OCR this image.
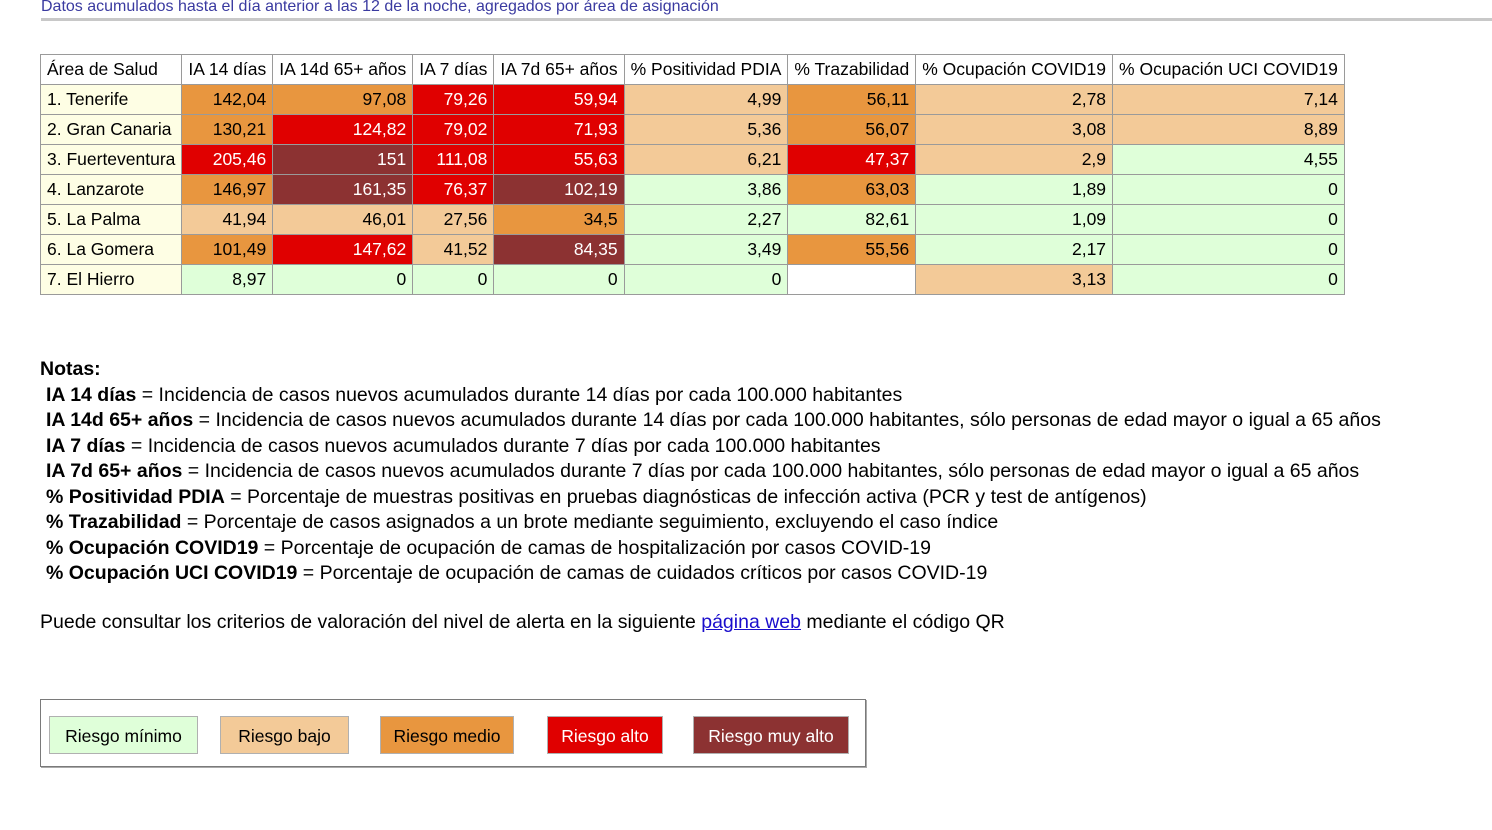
Datos acumulados hasta el día anterior a las 12 de la noche, agregados por área de asignación
Área de Salud	IA 14 días	IA 14d 65+ años	IA 7 días	IA 7d 65+ años	% Positividad PDIA	% Trazabilidad	% Ocupación COVID19	% Ocupación UCI COVID19
1. Tenerife	142,04	97,08	79,26	59,94	4,99	56,11	2,78	7,14
2. Gran Canaria	130,21	124,82	79,02	71,93	5,36	56,07	3,08	8,89
3. Fuerteventura	205,46	151	111,08	55,63	6,21	47,37	2,9	4,55
4. Lanzarote	146,97	161,35	76,37	102,19	3,86	63,03	1,89	0
5. La Palma	41,94	46,01	27,56	34,5	2,27	82,61	1,09	0
6. La Gomera	101,49	147,62	41,52	84,35	3,49	55,56	2,17	0
7. El Hierro	8,97	0	0	0	0		3,13	0
Notas:
IA 14 días = Incidencia de casos nuevos acumulados durante 14 días por cada 100.000 habitantes
IA 14d 65+ años = Incidencia de casos nuevos acumulados durante 14 días por cada 100.000 habitantes, sólo personas de edad mayor o igual a 65 años
IA 7 días = Incidencia de casos nuevos acumulados durante 7 días por cada 100.000 habitantes
IA 7d 65+ años = Incidencia de casos nuevos acumulados durante 7 días por cada 100.000 habitantes, sólo personas de edad mayor o igual a 65 años
% Positividad PDIA = Porcentaje de muestras positivas en pruebas diagnósticas de infección activa (PCR y test de antígenos)
% Trazabilidad = Porcentaje de casos asignados a un brote mediante seguimiento, excluyendo el caso índice
% Ocupación COVID19 = Porcentaje de ocupación de camas de hospitalización por casos COVID-19
% Ocupación UCI COVID19 = Porcentaje de ocupación de camas de cuidados críticos por casos COVID-19
Puede consultar los criterios de valoración del nivel de alerta en la siguiente página web mediante el código QR
Riesgo mínimo	Riesgo bajo	Riesgo medio	Riesgo alto	Riesgo muy alto
